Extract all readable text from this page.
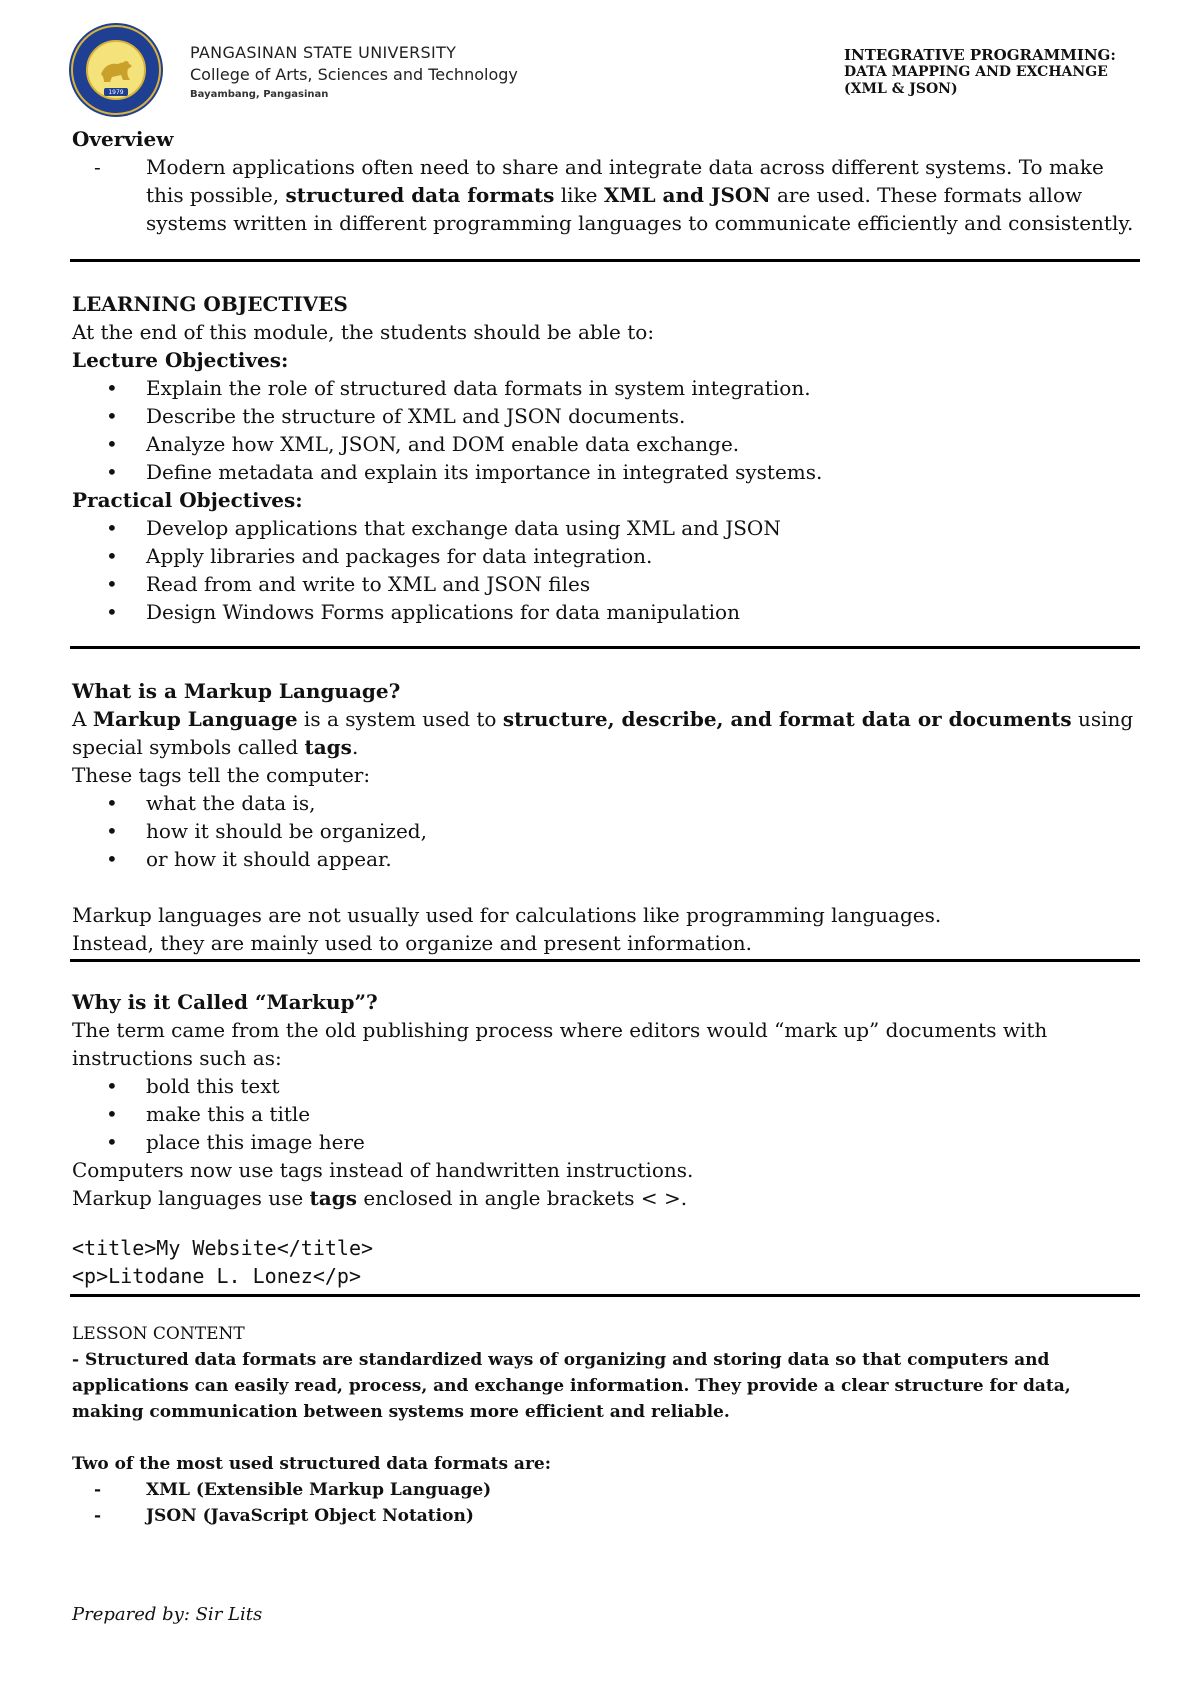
1979
PANGASINAN STATE UNIVERSITY
College of Arts, Sciences and Technology
Bayambang, Pangasinan
INTEGRATIVE PROGRAMMING:
DATA MAPPING AND EXCHANGE
(XML & JSON)

Overview

- Modern applications often need to share and integrate data across different systems. To make this possible, structured data formats like XML and JSON are used. These formats allow systems written in different programming languages to communicate efficiently and consistently.

LEARNING OBJECTIVES

At the end of this module, the students should be able to:

Lecture Objectives:

• Explain the role of structured data formats in system integration.
• Describe the structure of XML and JSON documents.
• Analyze how XML, JSON, and DOM enable data exchange.
• Define metadata and explain its importance in integrated systems.

Practical Objectives:

• Develop applications that exchange data using XML and JSON
• Apply libraries and packages for data integration.
• Read from and write to XML and JSON files
• Design Windows Forms applications for data manipulation

What is a Markup Language?

A Markup Language is a system used to structure, describe, and format data or documents using special symbols called tags.

These tags tell the computer:

• what the data is,
• how it should be organized,
• or how it should appear.

Markup languages are not usually used for calculations like programming languages.

Instead, they are mainly used to organize and present information.

Why is it Called “Markup”?

The term came from the old publishing process where editors would “mark up” documents with instructions such as:

• bold this text
• make this a title
• place this image here

Computers now use tags instead of handwritten instructions.

Markup languages use tags enclosed in angle brackets < >.

<title>My Website</title>
<p>Litodane L. Lonez</p>

LESSON CONTENT

- Structured data formats are standardized ways of organizing and storing data so that computers and applications can easily read, process, and exchange information. They provide a clear structure for data, making communication between systems more efficient and reliable.

Two of the most used structured data formats are:

- XML (Extensible Markup Language)
- JSON (JavaScript Object Notation)
Prepared by: Sir Lits
